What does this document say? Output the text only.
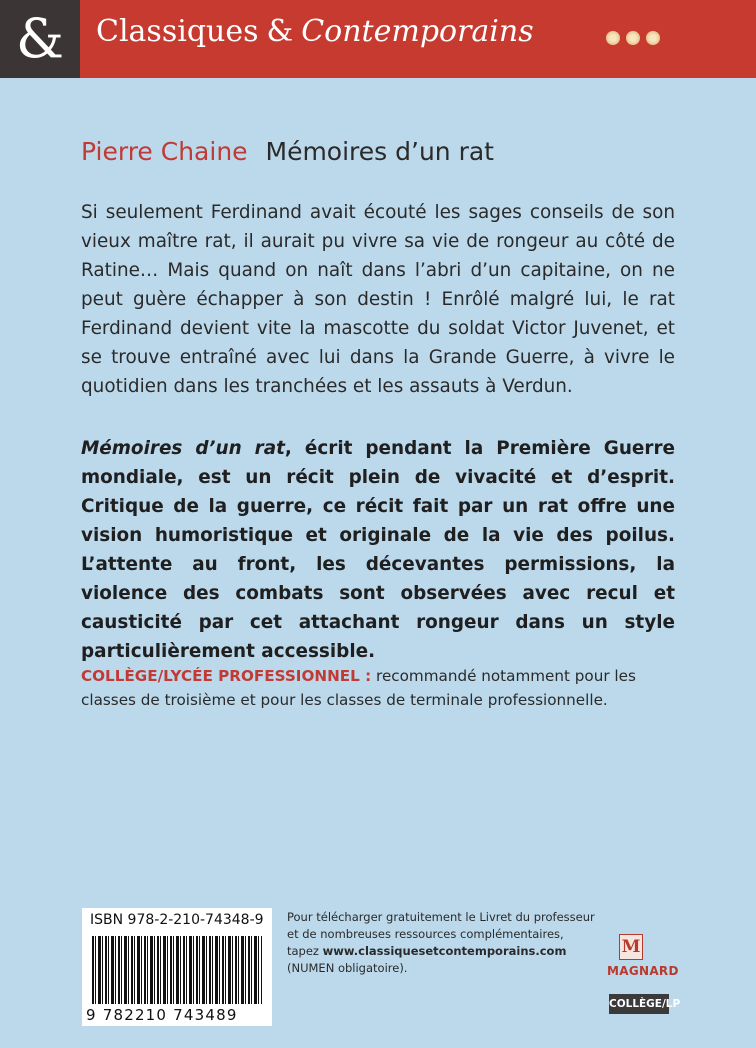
&	Classiques & Contemporains
Pierre Chaine Mémoires d’un rat
Si seulement Ferdinand avait écouté les sages conseils de son vieux maître rat, il aurait pu vivre sa vie de rongeur au côté de Ratine… Mais quand on naît dans l’abri d’un capitaine, on ne peut guère échapper à son destin ! Enrôlé malgré lui, le rat Ferdinand devient vite la mascotte du soldat Victor Juvenet, et se trouve entraîné avec lui dans la Grande Guerre, à vivre le quotidien dans les tranchées et les assauts à Verdun.
Mémoires d’un rat, écrit pendant la Première Guerre mondiale, est un récit plein de vivacité et d’esprit. Critique de la guerre, ce récit fait par un rat offre une vision humoristique et originale de la vie des poilus. L’attente au front, les décevantes permissions, la violence des combats sont observées avec recul et causticité par cet attachant rongeur dans un style particulièrement accessible.
COLLÈGE/LYCÉE PROFESSIONNEL : recommandé notamment pour les classes de troisième et pour les classes de terminale professionnelle.
ISBN 978-2-210-74348-9
9 782210 743489
Pour télécharger gratuitement le Livret du professeur
et de nombreuses ressources complémentaires,
tapez www.classiquesetcontemporains.com
(NUMEN obligatoire).
M
MAGNARD
COLLÈGE/LP
